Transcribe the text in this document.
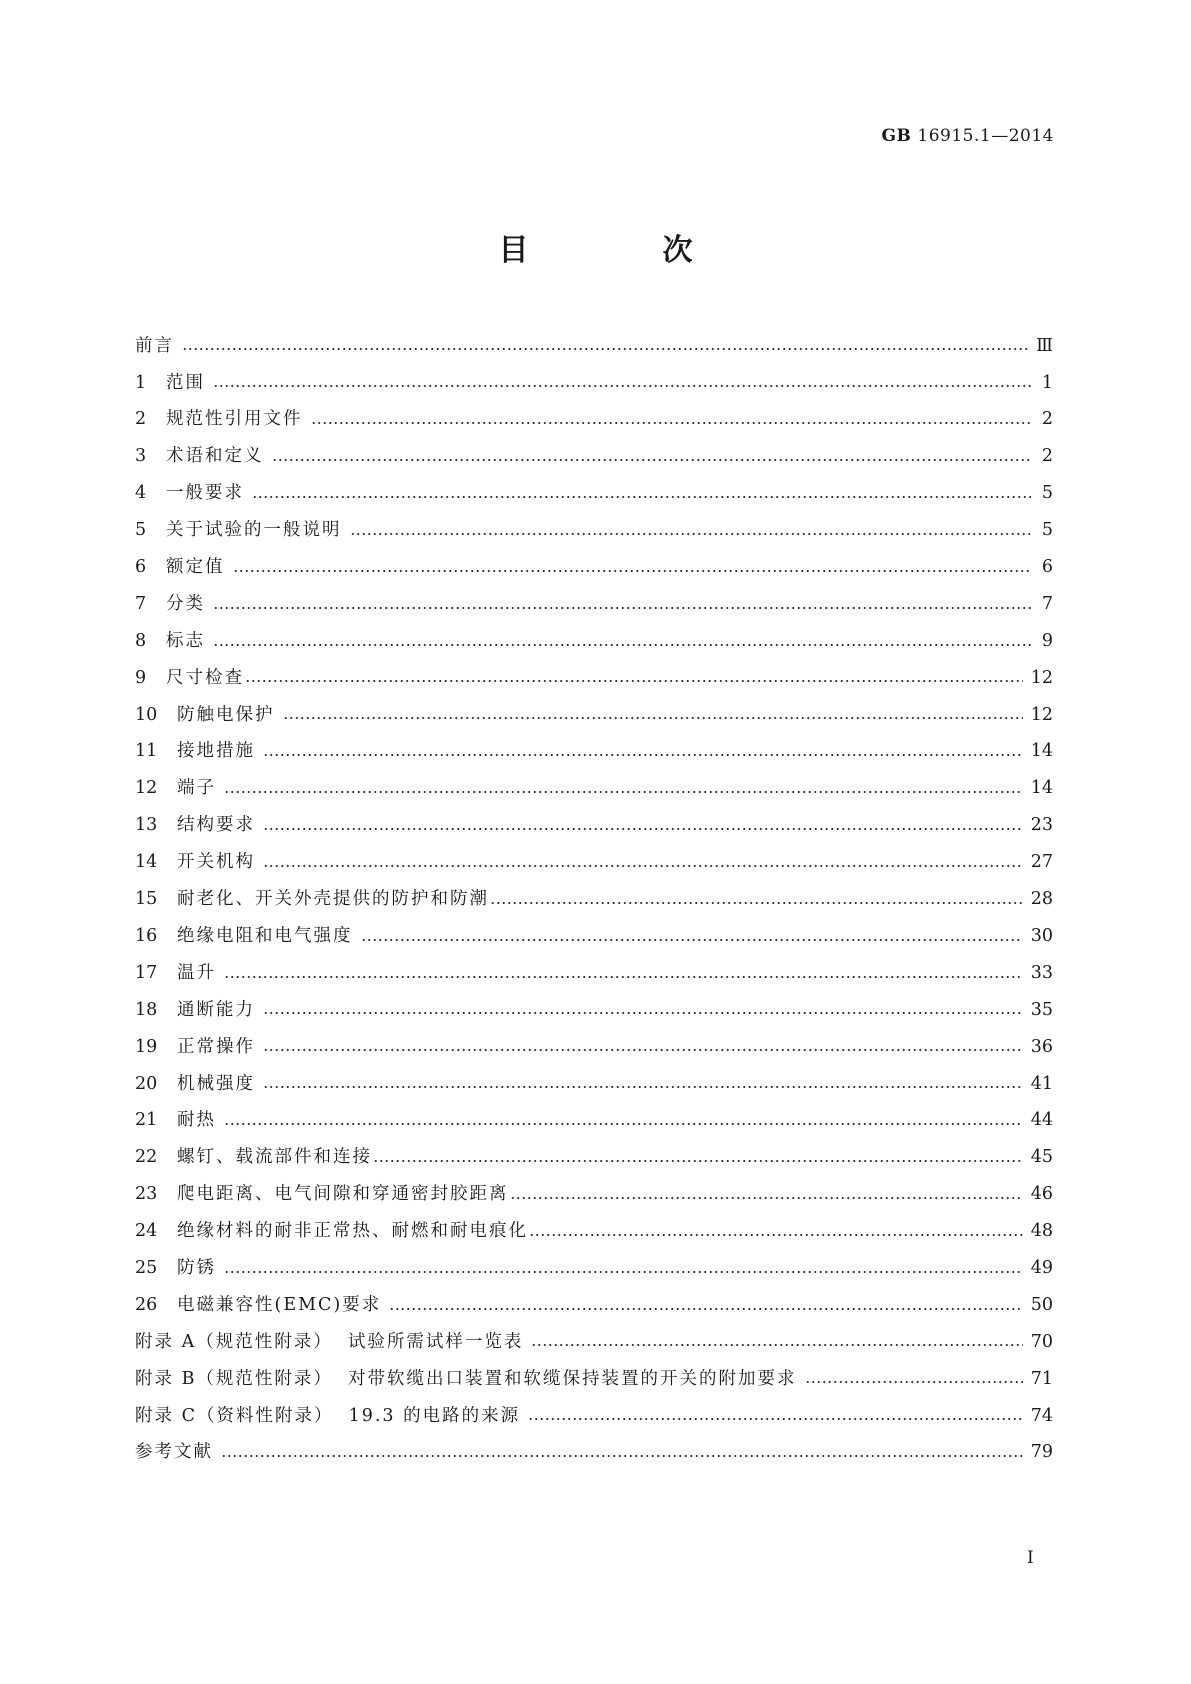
GB 16915.1—2014
目　次
前言	Ⅲ
1	范围	1
2	规范性引用文件	2
3	术语和定义	2
4	一般要求	5
5	关于试验的一般说明	5
6	额定值	6
7	分类	7
8	标志	9
9	尺寸检查	12
10	防触电保护	12
11	接地措施	14
12	端子	14
13	结构要求	23
14	开关机构	27
15	耐老化、开关外壳提供的防护和防潮	28
16	绝缘电阻和电气强度	30
17	温升	33
18	通断能力	35
19	正常操作	36
20	机械强度	41
21	耐热	44
22	螺钉、载流部件和连接	45
23	爬电距离、电气间隙和穿通密封胶距离	46
24	绝缘材料的耐非正常热、耐燃和耐电痕化	48
25	防锈	49
26	电磁兼容性(EMC)要求	50
附录 A（规范性附录）  试验所需试样一览表	70
附录 B（规范性附录）  对带软缆出口装置和软缆保持装置的开关的附加要求	71
附录 C（资料性附录）  19.3 的电路的来源	74
参考文献	79
Ⅰ
